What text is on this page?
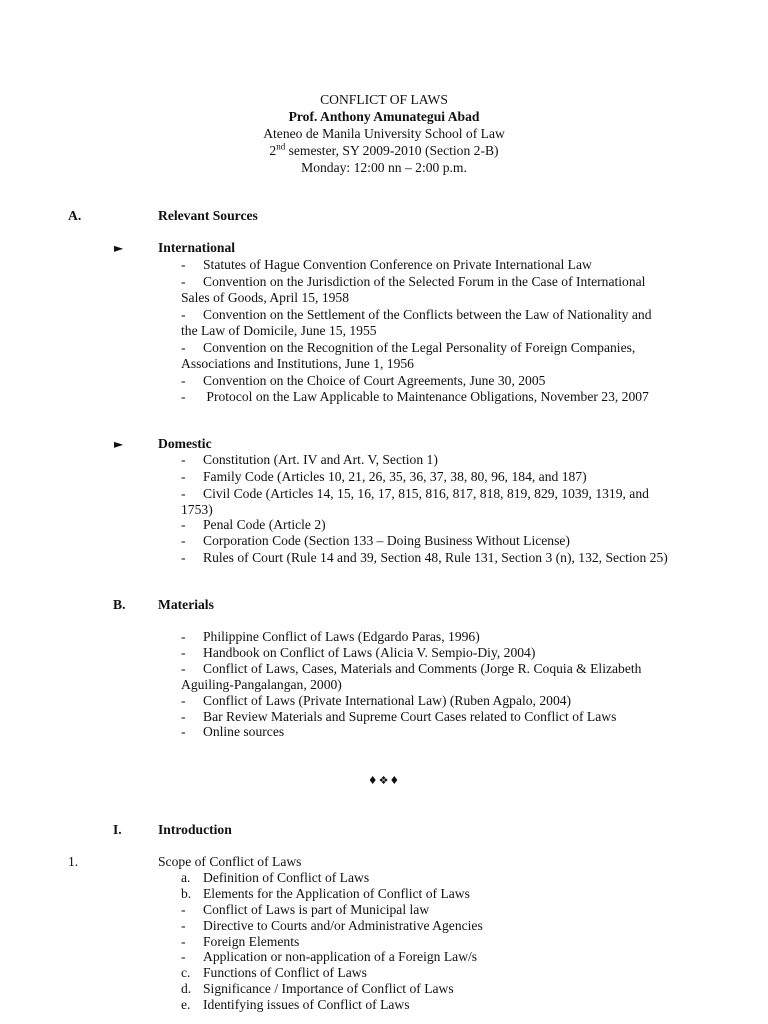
CONFLICT OF LAWS
Prof. Anthony Amunategui Abad
Ateneo de Manila University School of Law
2nd semester, SY 2009-2010 (Section 2-B)
Monday: 12:00 nn – 2:00 p.m.
A.	Relevant Sources
►	International
- Statutes of Hague Convention Conference on Private International Law
- Convention on the Jurisdiction of the Selected Forum in the Case of International Sales of Goods, April 15, 1958
- Convention on the Settlement of the Conflicts between the Law of Nationality and the Law of Domicile, June 15, 1955
- Convention on the Recognition of the Legal Personality of Foreign Companies, Associations and Institutions, June 1, 1956
- Convention on the Choice of Court Agreements, June 30, 2005
- Protocol on the Law Applicable to Maintenance Obligations, November 23, 2007
►	Domestic
- Constitution (Art. IV and Art. V, Section 1)
- Family Code (Articles 10, 21, 26, 35, 36, 37, 38, 80, 96, 184, and 187)
- Civil Code (Articles 14, 15, 16, 17, 815, 816, 817, 818, 819, 829, 1039, 1319, and 1753)
- Penal Code (Article 2)
- Corporation Code (Section 133 – Doing Business Without License)
- Rules of Court (Rule 14 and 39, Section 48, Rule 131, Section 3 (n), 132, Section 25)
B. Materials
- Philippine Conflict of Laws (Edgardo Paras, 1996)
- Handbook on Conflict of Laws (Alicia V. Sempio-Diy, 2004)
- Conflict of Laws, Cases, Materials and Comments (Jorge R. Coquia & Elizabeth Aguiling-Pangalangan, 2000)
- Conflict of Laws (Private International Law) (Ruben Agpalo, 2004)
- Bar Review Materials and Supreme Court Cases related to Conflict of Laws
- Online sources
♦❖♦
I.	Introduction
1.	Scope of Conflict of Laws
a. Definition of Conflict of Laws
b. Elements for the Application of Conflict of Laws
- Conflict of Laws is part of Municipal law
- Directive to Courts and/or Administrative Agencies
- Foreign Elements
- Application or non-application of a Foreign Law/s
c. Functions of Conflict of Laws
d. Significance / Importance of Conflict of Laws
e. Identifying issues of Conflict of Laws
